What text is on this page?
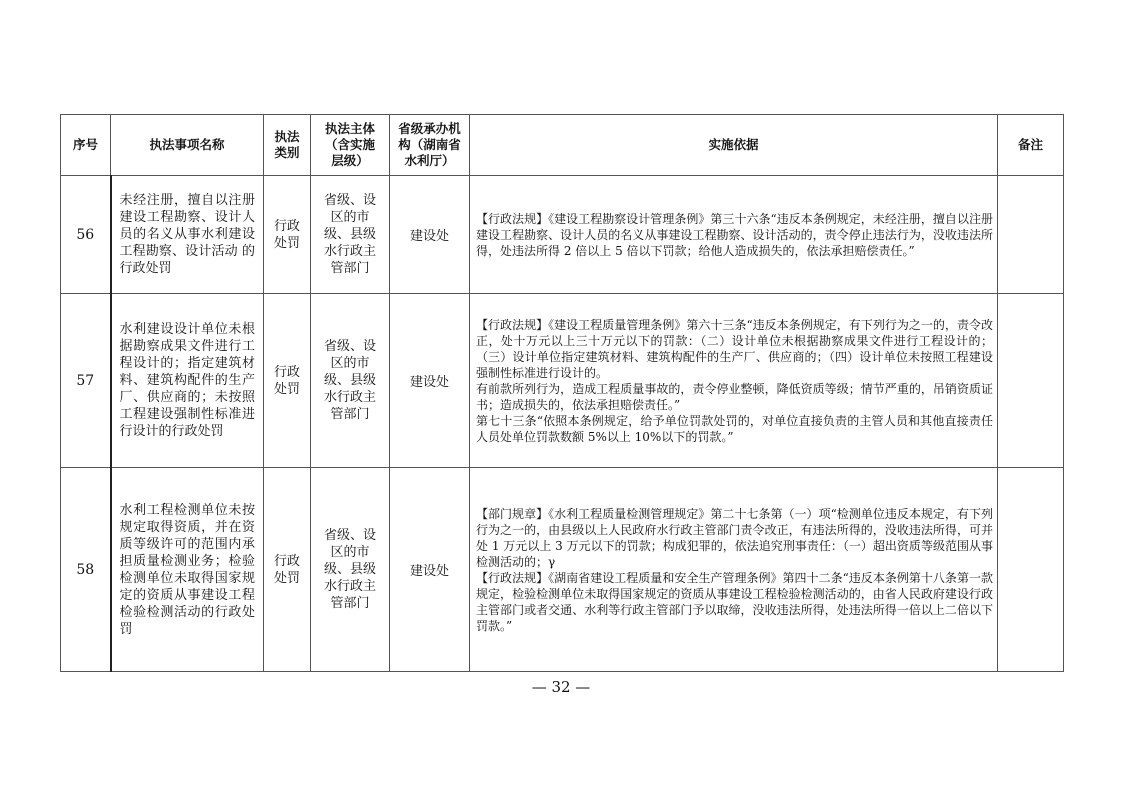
序号	执法事项名称	执法类别	执法主体（含实施层级）	省级承办机构（湖南省水利厅）	实施依据	备注
56	未经注册，擅自以注册建设工程勘察、设计人员的名义从事水利建设工程勘察、设计活动 的行政处罚	行政处罚	省级、设区的市级、县级水行政主管部门	建设处	【行政法规】《建设工程勘察设计管理条例》第三十六条“违反本条例规定，未经注册，擅自以注册建设工程勘察、设计人员的名义从事建设工程勘察、设计活动的，责令停止违法行为，没收违法所得，处违法所得 2 倍以上 5 倍以下罚款；给他人造成损失的，依法承担赔偿责任。”	

57	水利建设设计单位未根据勘察成果文件进行工程设计的；指定建筑材料、建筑构配件的生产厂、供应商的；未按照工程建设强制性标准进行设计的行政处罚	行政处罚	省级、设区的市级、县级水行政主管部门	建设处	【行政法规】《建设工程质量管理条例》第六十三条“违反本条例规定，有下列行为之一的，责令改正，处十万元以上三十万元以下的罚款：（二）设计单位未根据勘察成果文件进行工程设计的；（三）设计单位指定建筑材料、建筑构配件的生产厂、供应商的；（四）设计单位未按照工程建设强制性标准进行设计的。

有前款所列行为，造成工程质量事故的，责令停业整顿，降低资质等级；情节严重的，吊销资质证书；造成损失的，依法承担赔偿责任。”

第七十三条“依照本条例规定，给予单位罚款处罚的，对单位直接负责的主管人员和其他直接责任人员处单位罚款数额 5%以上 10%以下的罚款。”	

58	水利工程检测单位未按规定取得资质，并在资质等级许可的范围内承担质量检测业务；检验检测单位未取得国家规定的资质从事建设工程检验检测活动的行政处罚	行政处罚	省级、设区的市级、县级水行政主管部门	建设处	【部门规章】《水利工程质量检测管理规定》第二十七条第（一）项“检测单位违反本规定，有下列行为之一的，由县级以上人民政府水行政主管部门责令改正，有违法所得的，没收违法所得，可并处 1 万元以上 3 万元以下的罚款；构成犯罪的，依法追究刑事责任：（一）超出资质等级范围从事检测活动的；γ

【行政法规】《湖南省建设工程质量和安全生产管理条例》第四十二条“违反本条例第十八条第一款规定，检验检测单位未取得国家规定的资质从事建设工程检验检测活动的，由省人民政府建设行政主管部门或者交通、水利等行政主管部门予以取缔，没收违法所得，处违法所得一倍以上二倍以下罚款。”	

— 32 —
